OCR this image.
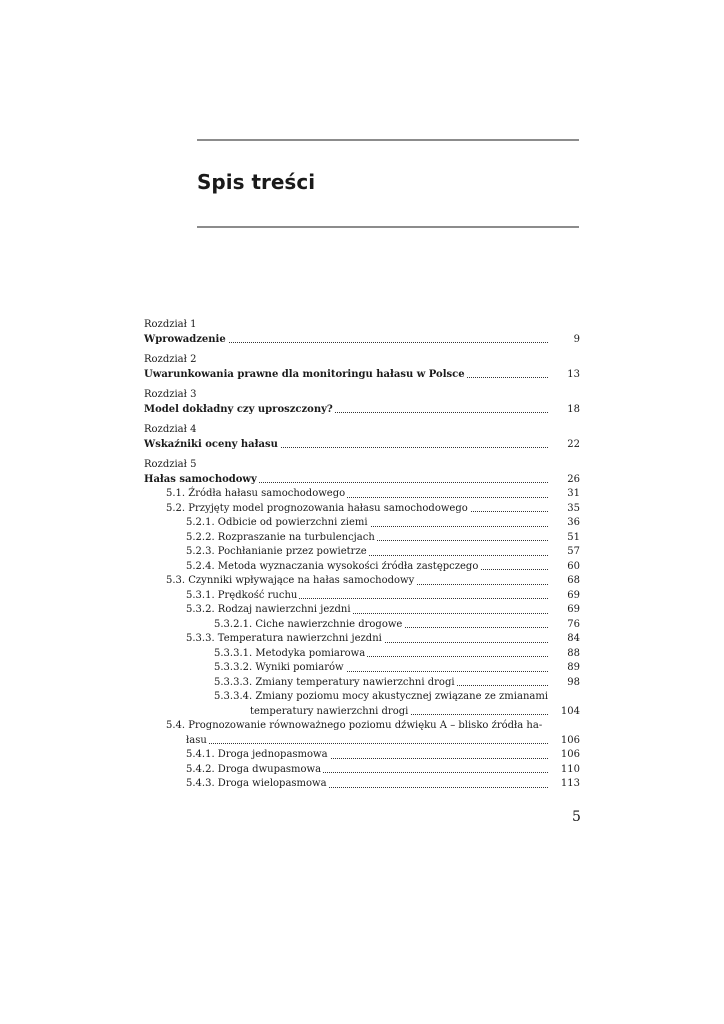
Spis treści
Rozdział 1
Wprowadzenie	9
Rozdział 2
Uwarunkowania prawne dla monitoringu hałasu w Polsce	13
Rozdział 3
Model dokładny czy uproszczony?	18
Rozdział 4
Wskaźniki oceny hałasu	22
Rozdział 5
Hałas samochodowy	26
5.1. Źródła hałasu samochodowego	31
5.2. Przyjęty model prognozowania hałasu samochodowego	35
5.2.1. Odbicie od powierzchni ziemi	36
5.2.2. Rozpraszanie na turbulencjach	51
5.2.3. Pochłanianie przez powietrze	57
5.2.4. Metoda wyznaczania wysokości źródła zastępczego	60
5.3. Czynniki wpływające na hałas samochodowy	68
5.3.1. Prędkość ruchu	69
5.3.2. Rodzaj nawierzchni jezdni	69
5.3.2.1. Ciche nawierzchnie drogowe	76
5.3.3. Temperatura nawierzchni jezdni	84
5.3.3.1. Metodyka pomiarowa	88
5.3.3.2. Wyniki pomiarów	89
5.3.3.3. Zmiany temperatury nawierzchni drogi	98
5.3.3.4. Zmiany poziomu mocy akustycznej związane ze zmianami
temperatury nawierzchni drogi	104
5.4. Prognozowanie równoważnego poziomu dźwięku A – blisko źródła ha-
łasu	106
5.4.1. Droga jednopasmowa	106
5.4.2. Droga dwupasmowa	110
5.4.3. Droga wielopasmowa	113

5
